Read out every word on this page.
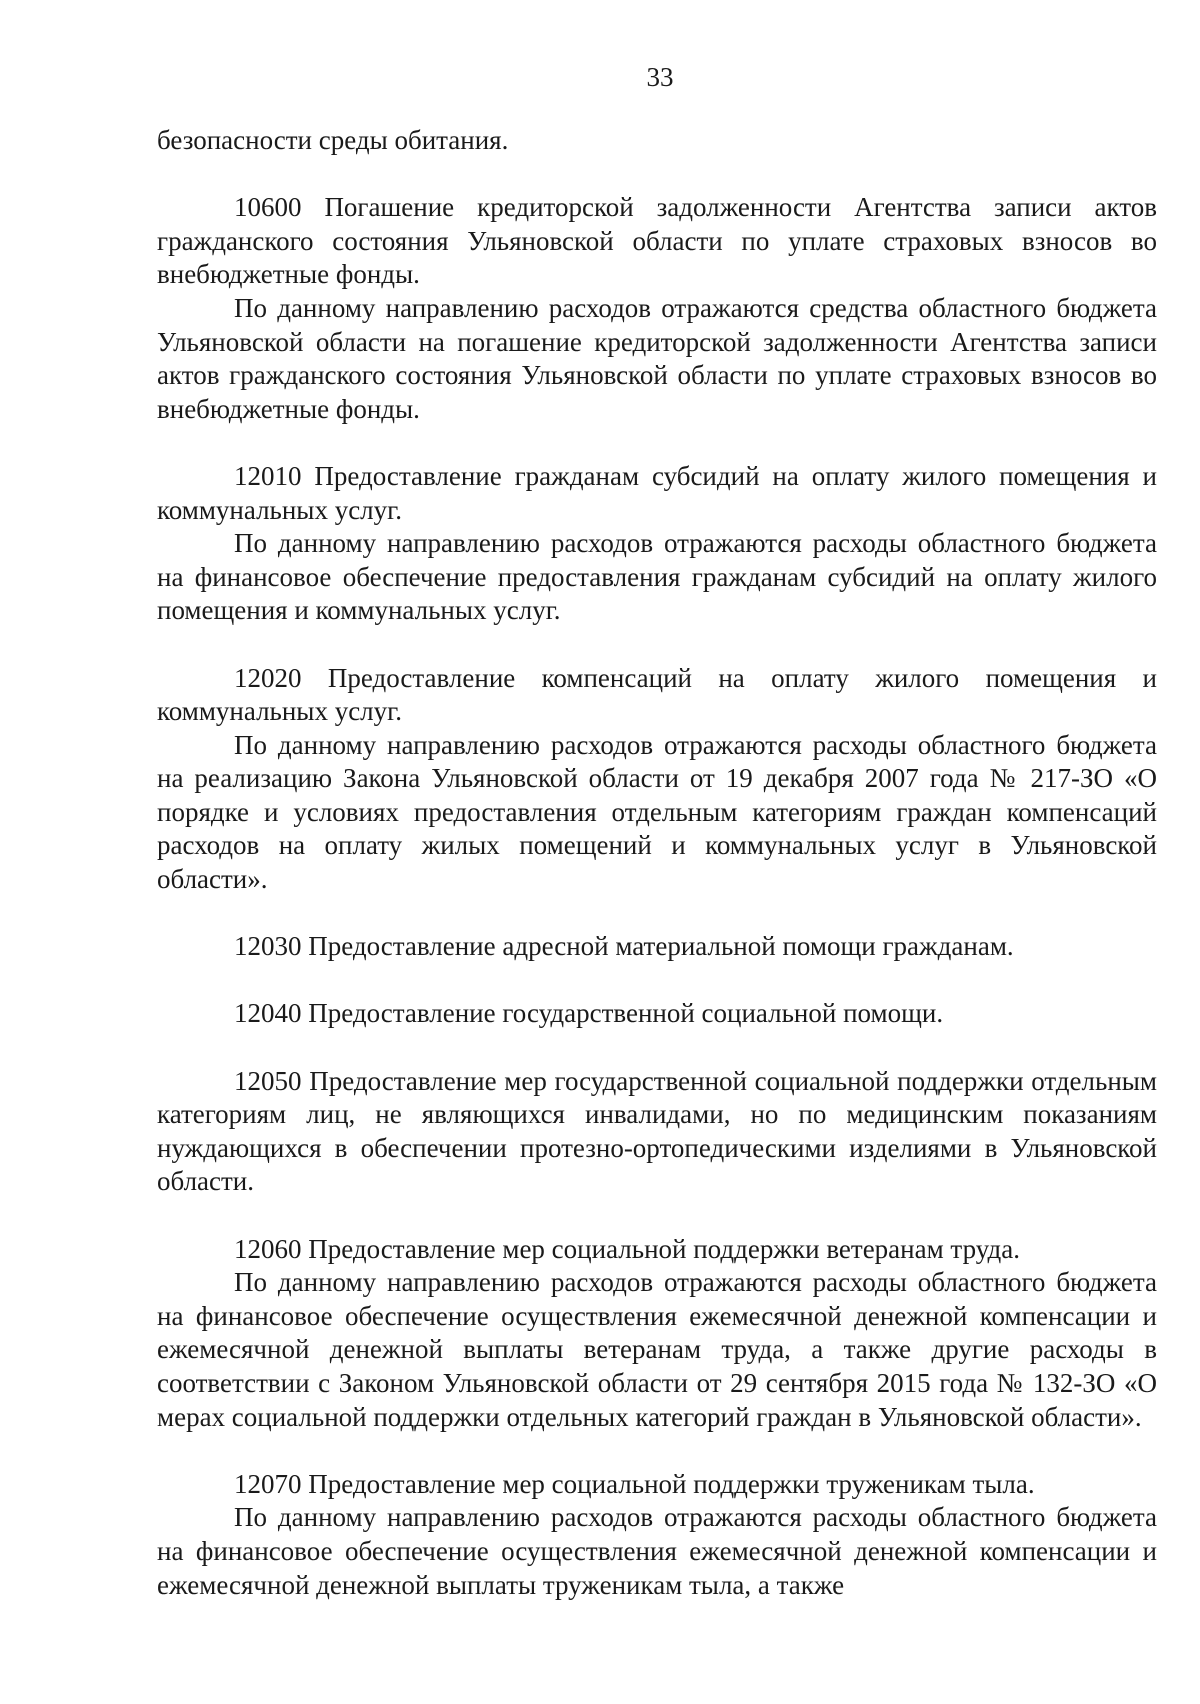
33

безопасности среды обитания.

10600 Погашение кредиторской задолженности Агентства записи актов гражданского состояния Ульяновской области по уплате страховых взносов во внебюджетные фонды.

По данному направлению расходов отражаются средства областного бюджета Ульяновской области на погашение кредиторской задолженности Агентства записи актов гражданского состояния Ульяновской области по уплате страховых взносов во внебюджетные фонды.

12010 Предоставление гражданам субсидий на оплату жилого помещения и коммунальных услуг.

По данному направлению расходов отражаются расходы областного бюджета на финансовое обеспечение предоставления гражданам субсидий на оплату жилого помещения и коммунальных услуг.

12020 Предоставление компенсаций на оплату жилого помещения и коммунальных услуг.

По данному направлению расходов отражаются расходы областного бюджета на реализацию Закона Ульяновской области от 19 декабря 2007 года № 217-ЗО «О порядке и условиях предоставления отдельным категориям граждан компенсаций расходов на оплату жилых помещений и коммунальных услуг в Ульяновской области».

12030 Предоставление адресной материальной помощи гражданам.

12040 Предоставление государственной социальной помощи.

12050 Предоставление мер государственной социальной поддержки отдельным категориям лиц, не являющихся инвалидами, но по медицинским показаниям нуждающихся в обеспечении протезно-ортопедическими изделиями в Ульяновской области.

12060 Предоставление мер социальной поддержки ветеранам труда.

По данному направлению расходов отражаются расходы областного бюджета на финансовое обеспечение осуществления ежемесячной денежной компенсации и ежемесячной денежной выплаты ветеранам труда, а также другие расходы в соответствии с Законом Ульяновской области от 29 сентября 2015 года № 132-ЗО «О мерах социальной поддержки отдельных категорий граждан в Ульяновской области».

12070 Предоставление мер социальной поддержки труженикам тыла.

По данному направлению расходов отражаются расходы областного бюджета на финансовое обеспечение осуществления ежемесячной денежной компенсации и ежемесячной денежной выплаты труженикам тыла, а также
